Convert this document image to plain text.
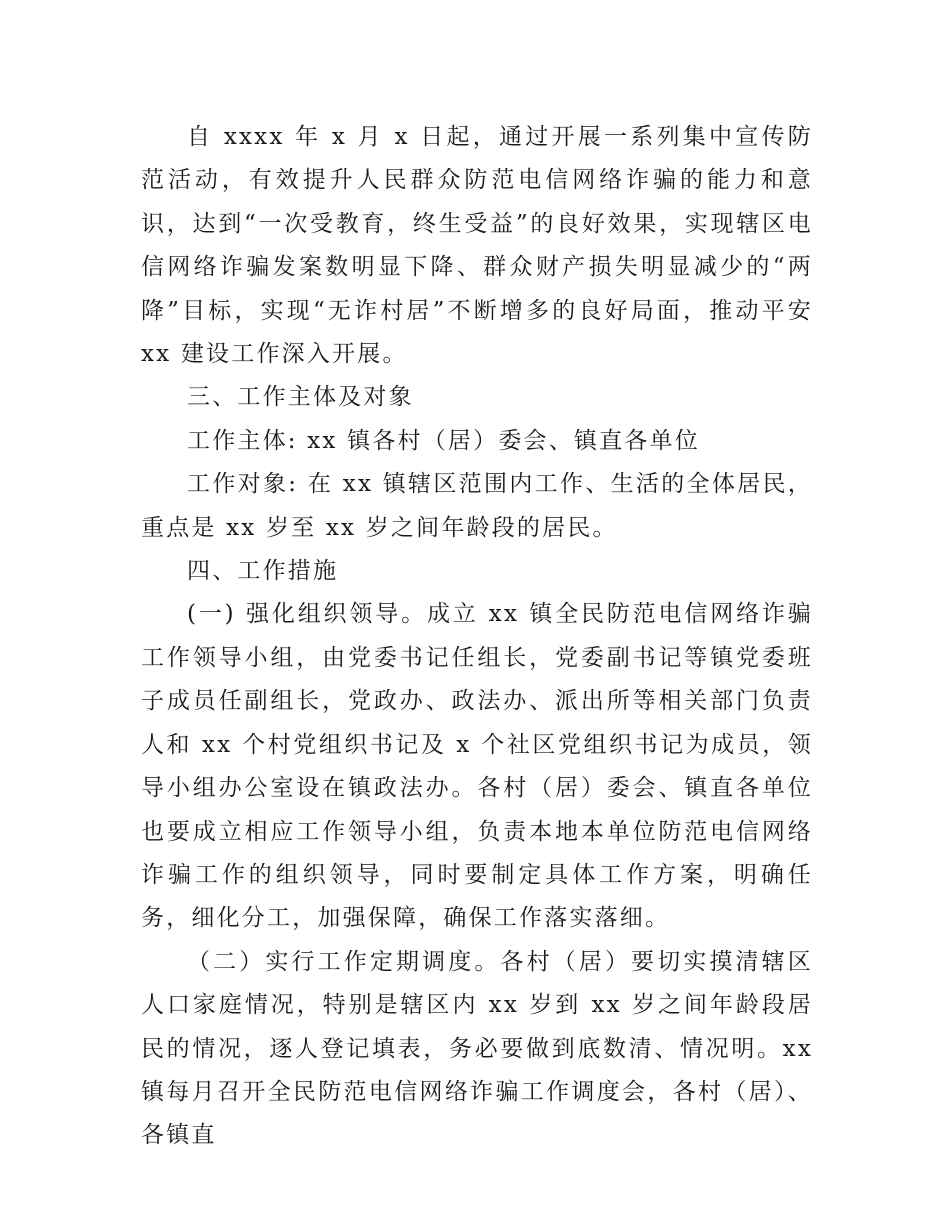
自 xxxx 年 x 月 x 日起，通过开展一系列集中宣传防范活动，有效提升人民群众防范电信网络诈骗的能力和意识，达到“一次受教育，终生受益”的良好效果，实现辖区电信网络诈骗发案数明显下降、群众财产损失明显减少的“两降”目标，实现“无诈村居”不断增多的良好局面，推动平安 xx 建设工作深入开展。

三、工作主体及对象

工作主体: xx 镇各村（居）委会、镇直各单位

工作对象: 在 xx 镇辖区范围内工作、生活的全体居民，重点是 xx 岁至 xx 岁之间年龄段的居民。

四、工作措施

(一) 强化组织领导。成立 xx 镇全民防范电信网络诈骗工作领导小组，由党委书记任组长，党委副书记等镇党委班子成员任副组长，党政办、政法办、派出所等相关部门负责人和 xx 个村党组织书记及 x 个社区党组织书记为成员，领导小组办公室设在镇政法办。各村（居）委会、镇直各单位也要成立相应工作领导小组，负责本地本单位防范电信网络诈骗工作的组织领导，同时要制定具体工作方案，明确任务，细化分工，加强保障，确保工作落实落细。

（二）实行工作定期调度。各村（居）要切实摸清辖区人口家庭情况，特别是辖区内 xx 岁到 xx 岁之间年龄段居民的情况，逐人登记填表，务必要做到底数清、情况明。xx 镇每月召开全民防范电信网络诈骗工作调度会，各村（居）、各镇直
